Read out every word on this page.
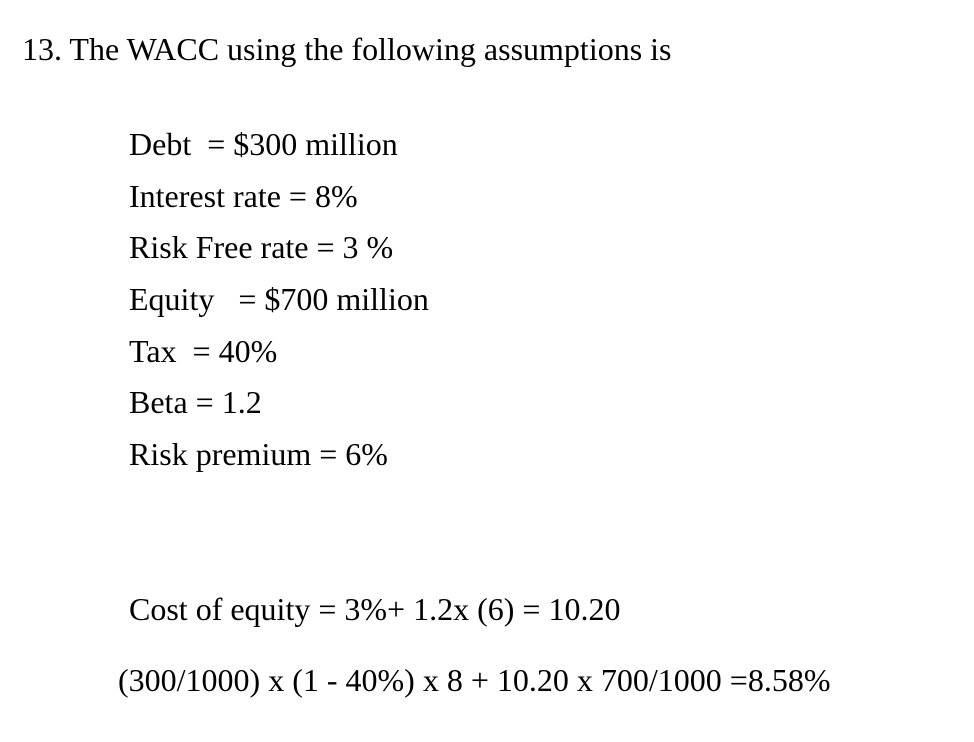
13. The WACC using the following assumptions is
Debt  = $300 million
Interest rate = 8%
Risk Free rate = 3 %
Equity   = $700 million
Tax  = 40%
Beta = 1.2
Risk premium = 6%
Cost of equity = 3%+ 1.2x (6) = 10.20
(300/1000) x (1 - 40%) x 8 + 10.20 x 700/1000 =8.58%
